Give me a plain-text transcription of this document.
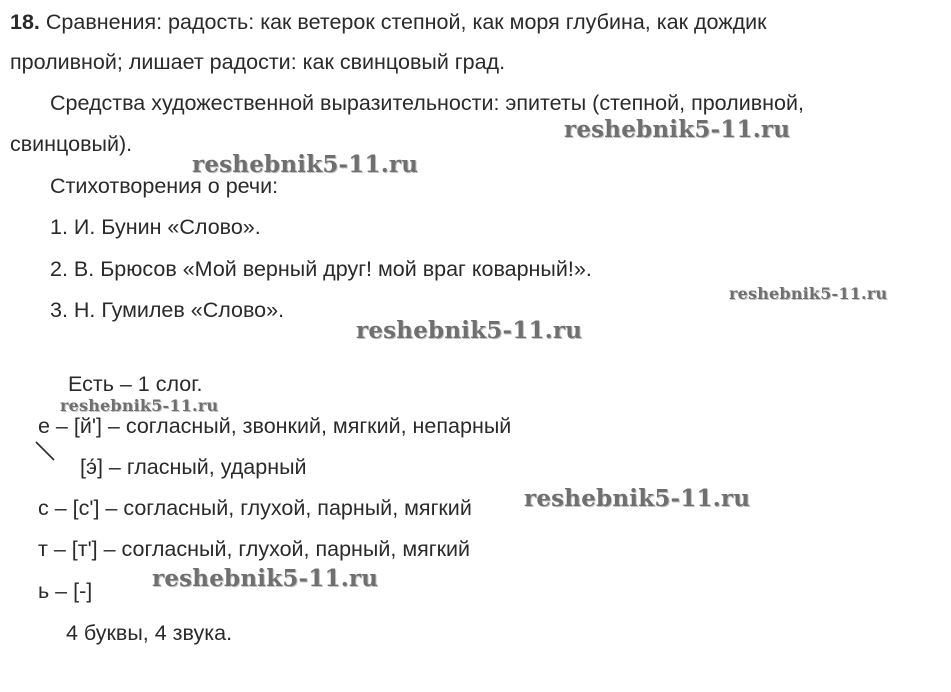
18. Сравнения: радость: как ветерок степной, как моря глубина, как дождик
проливной; лишает радости: как свинцовый град.
Средства художественной выразительности: эпитеты (степной, проливной,
свинцовый).
Стихотворения о речи:
1. И. Бунин «Слово».
2. В. Брюсов «Мой верный друг! мой враг коварный!».
3. Н. Гумилев «Слово».
Есть – 1 слог.
е – [й'] – согласный, звонкий, мягкий, непарный
[э́] – гласный, ударный
с – [с'] – согласный, глухой, парный, мягкий
т – [т'] – согласный, глухой, парный, мягкий
ь – [-]
4 буквы, 4 звука.
reshebnik5-11.ru
reshebnik5-11.ru
reshebnik5-11.ru
reshebnik5-11.ru
reshebnik5-11.ru
reshebnik5-11.ru
reshebnik5-11.ru
